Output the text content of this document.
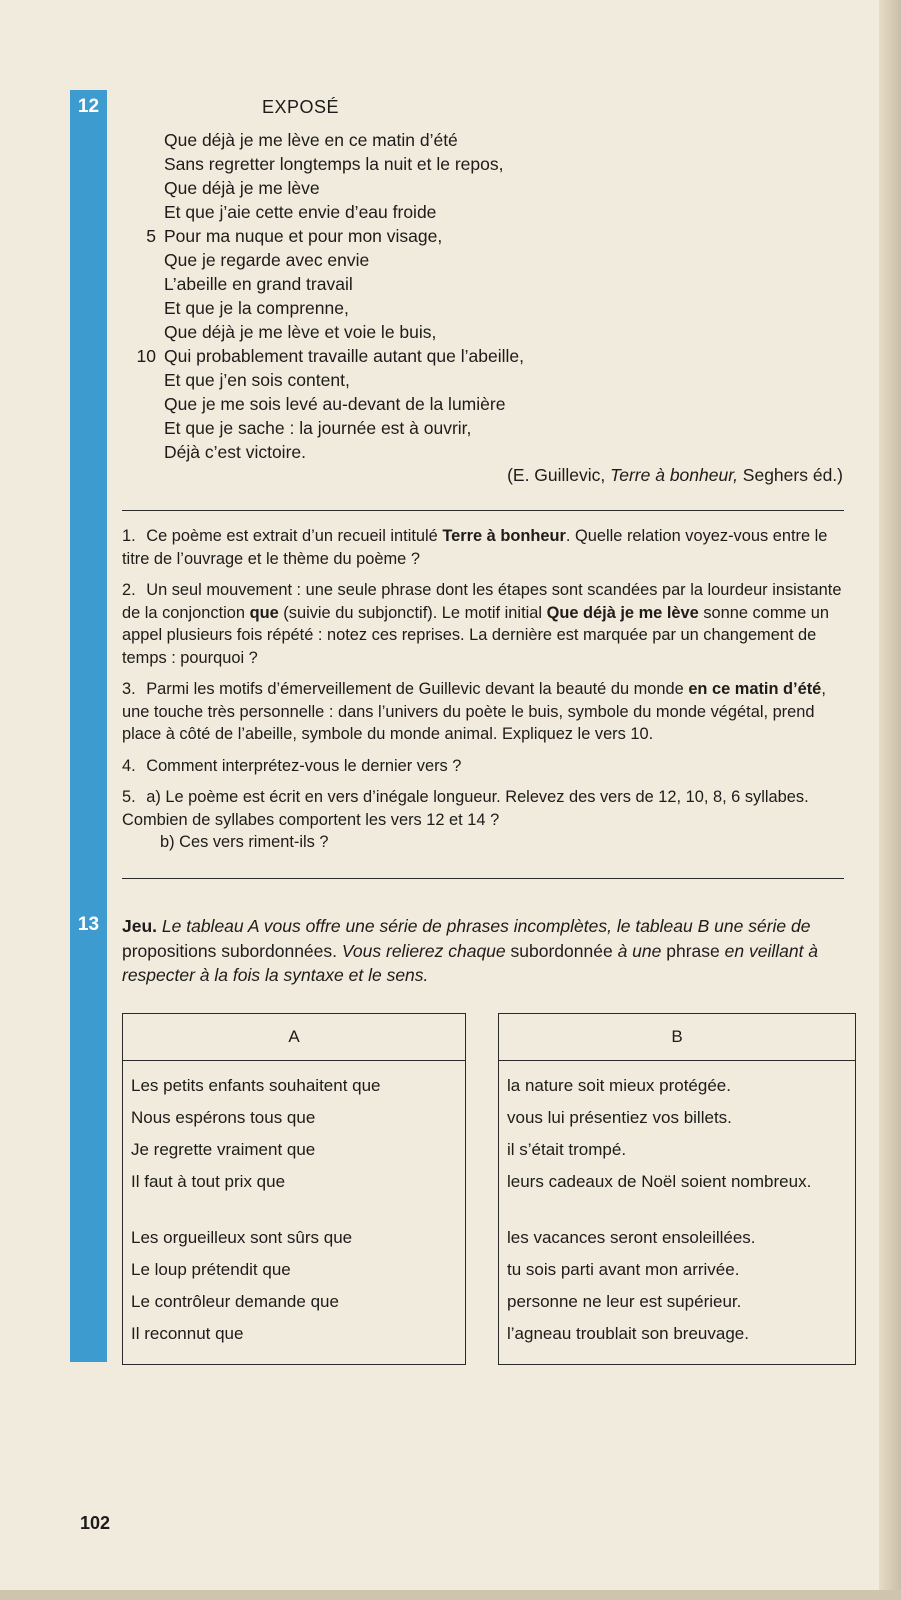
12	EXPOSÉ
Que déjà je me lève en ce matin d’été
Sans regretter longtemps la nuit et le repos,
Que déjà je me lève
Et que j’aie cette envie d’eau froide
5 Pour ma nuque et pour mon visage,
Que je regarde avec envie
L’abeille en grand travail
Et que je la comprenne,
Que déjà je me lève et voie le buis,
10 Qui probablement travaille autant que l’abeille,
Et que j’en sois content,
Que je me sois levé au-devant de la lumière
Et que je sache : la journée est à ouvrir,
Déjà c’est victoire.
(E. Guillevic, Terre à bonheur, Seghers éd.)

1. Ce poème est extrait d’un recueil intitulé Terre à bonheur. Quelle relation voyez-vous entre le titre de l’ouvrage et le thème du poème ?

2. Un seul mouvement : une seule phrase dont les étapes sont scandées par la lourdeur insistante de la conjonction que (suivie du subjonctif). Le motif initial Que déjà je me lève sonne comme un appel plusieurs fois répété : notez ces reprises. La dernière est marquée par un changement de temps : pourquoi ?

3. Parmi les motifs d’émerveillement de Guillevic devant la beauté du monde en ce matin d’été, une touche très personnelle : dans l’univers du poète le buis, symbole du monde végétal, prend place à côté de l’abeille, symbole du monde animal. Expliquez le vers 10.

4. Comment interprétez-vous le dernier vers ?

5. a) Le poème est écrit en vers d’inégale longueur. Relevez des vers de 12, 10, 8, 6 syllabes. Combien de syllabes comportent les vers 12 et 14 ?
b) Ces vers riment-ils ?

13	Jeu. Le tableau A vous offre une série de phrases incomplètes, le tableau B une série de propositions subordonnées. Vous relierez chaque subordonnée à une phrase en veillant à respecter à la fois la syntaxe et le sens.
A
Les petits enfants souhaitent que
Nous espérons tous que
Je regrette vraiment que
Il faut à tout prix que
Les orgueilleux sont sûrs que
Le loup prétendit que
Le contrôleur demande que
Il reconnut que
B
la nature soit mieux protégée.
vous lui présentiez vos billets.
il s’était trompé.
leurs cadeaux de Noël soient nombreux.
les vacances seront ensoleillées.
tu sois parti avant mon arrivée.
personne ne leur est supérieur.
l’agneau troublait son breuvage.
102
